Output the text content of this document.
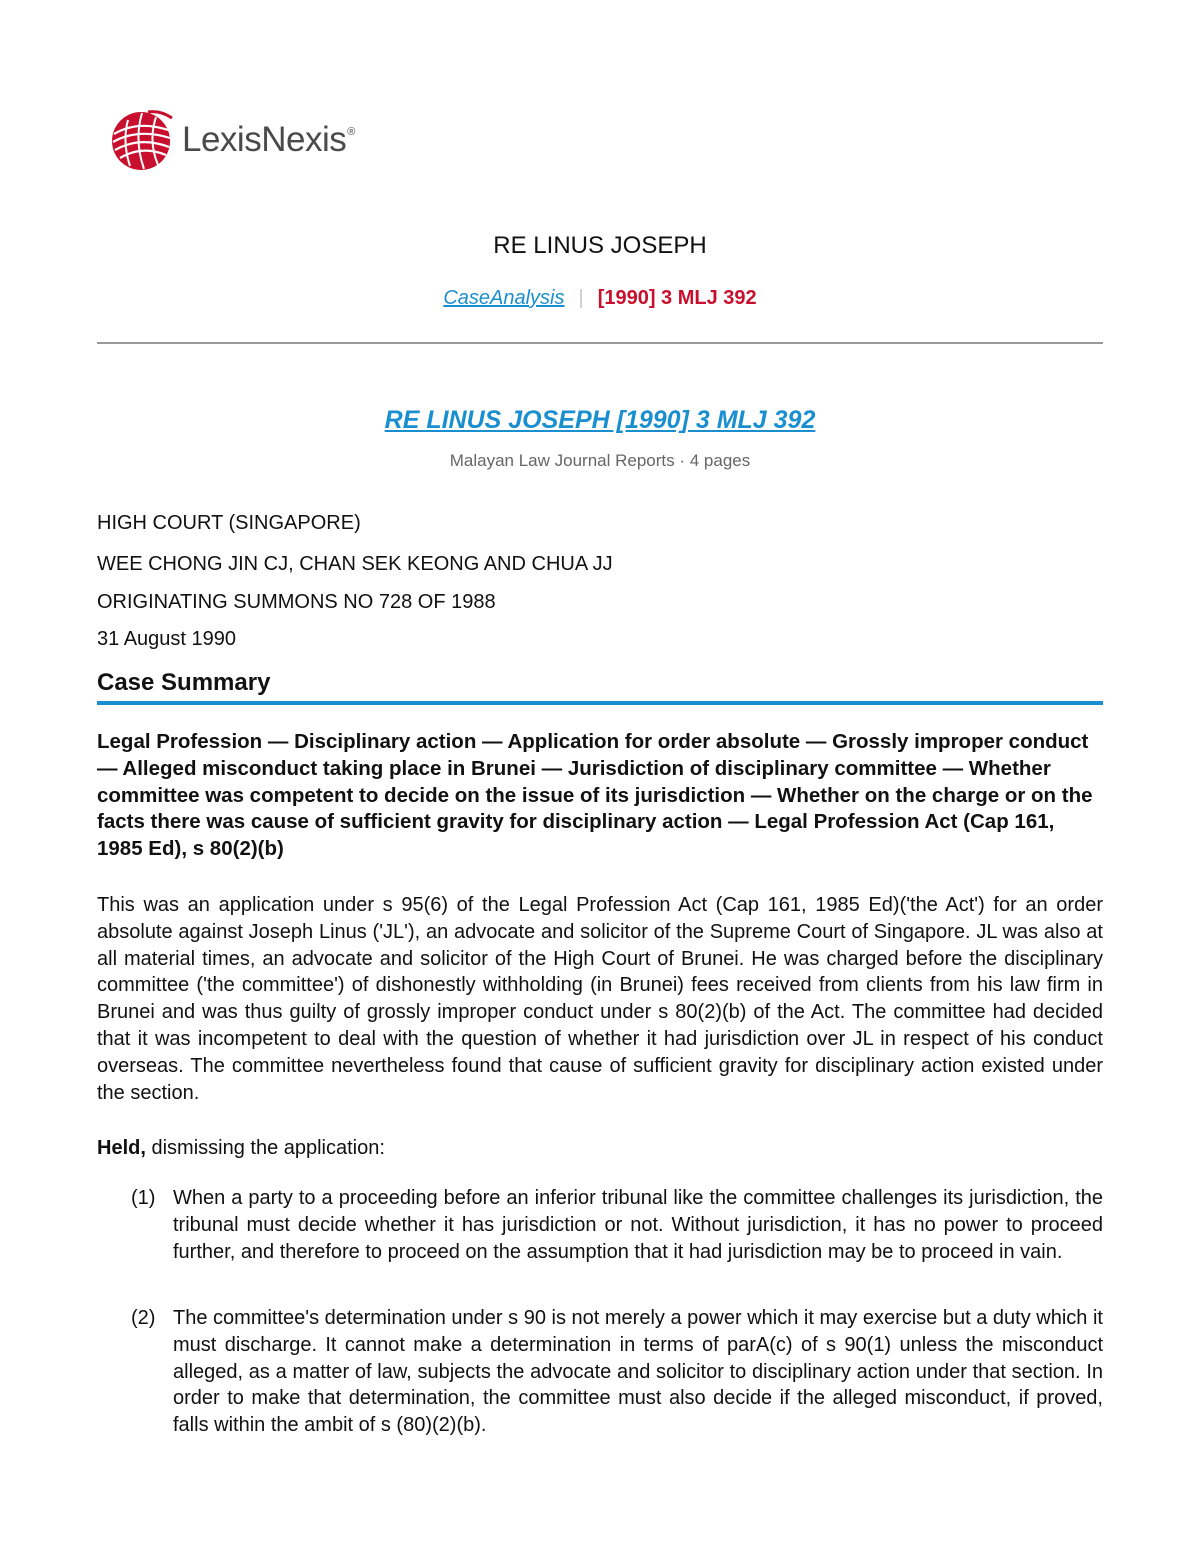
LexisNexis®
RE LINUS JOSEPH
CaseAnalysis | [1990] 3 MLJ 392
RE LINUS JOSEPH [1990] 3 MLJ 392
Malayan Law Journal Reports · 4 pages
HIGH COURT (SINGAPORE)
WEE CHONG JIN CJ, CHAN SEK KEONG AND CHUA JJ
ORIGINATING SUMMONS NO 728 OF 1988
31 August 1990
Case Summary
Legal Profession — Disciplinary action — Application for order absolute — Grossly improper conduct — Alleged misconduct taking place in Brunei — Jurisdiction of disciplinary committee — Whether committee was competent to decide on the issue of its jurisdiction — Whether on the charge or on the facts there was cause of sufficient gravity for disciplinary action — Legal Profession Act (Cap 161, 1985 Ed), s 80(2)(b)
This was an application under s 95(6) of the Legal Profession Act (Cap 161, 1985 Ed)('the Act') for an order absolute against Joseph Linus ('JL'), an advocate and solicitor of the Supreme Court of Singapore. JL was also at all material times, an advocate and solicitor of the High Court of Brunei. He was charged before the disciplinary committee ('the committee') of dishonestly withholding (in Brunei) fees received from clients from his law firm in Brunei and was thus guilty of grossly improper conduct under s 80(2)(b) of the Act. The committee had decided that it was incompetent to deal with the question of whether it had jurisdiction over JL in respect of his conduct overseas. The committee nevertheless found that cause of sufficient gravity for disciplinary action existed under the section.
Held, dismissing the application:
(1) When a party to a proceeding before an inferior tribunal like the committee challenges its jurisdiction, the tribunal must decide whether it has jurisdiction or not. Without jurisdiction, it has no power to proceed further, and therefore to proceed on the assumption that it had jurisdiction may be to proceed in vain.
(2) The committee's determination under s 90 is not merely a power which it may exercise but a duty which it must discharge. It cannot make a determination in terms of parA(c) of s 90(1) unless the misconduct alleged, as a matter of law, subjects the advocate and solicitor to disciplinary action under that section. In order to make that determination, the committee must also decide if the alleged misconduct, if proved, falls within the ambit of s (80)(2)(b).
